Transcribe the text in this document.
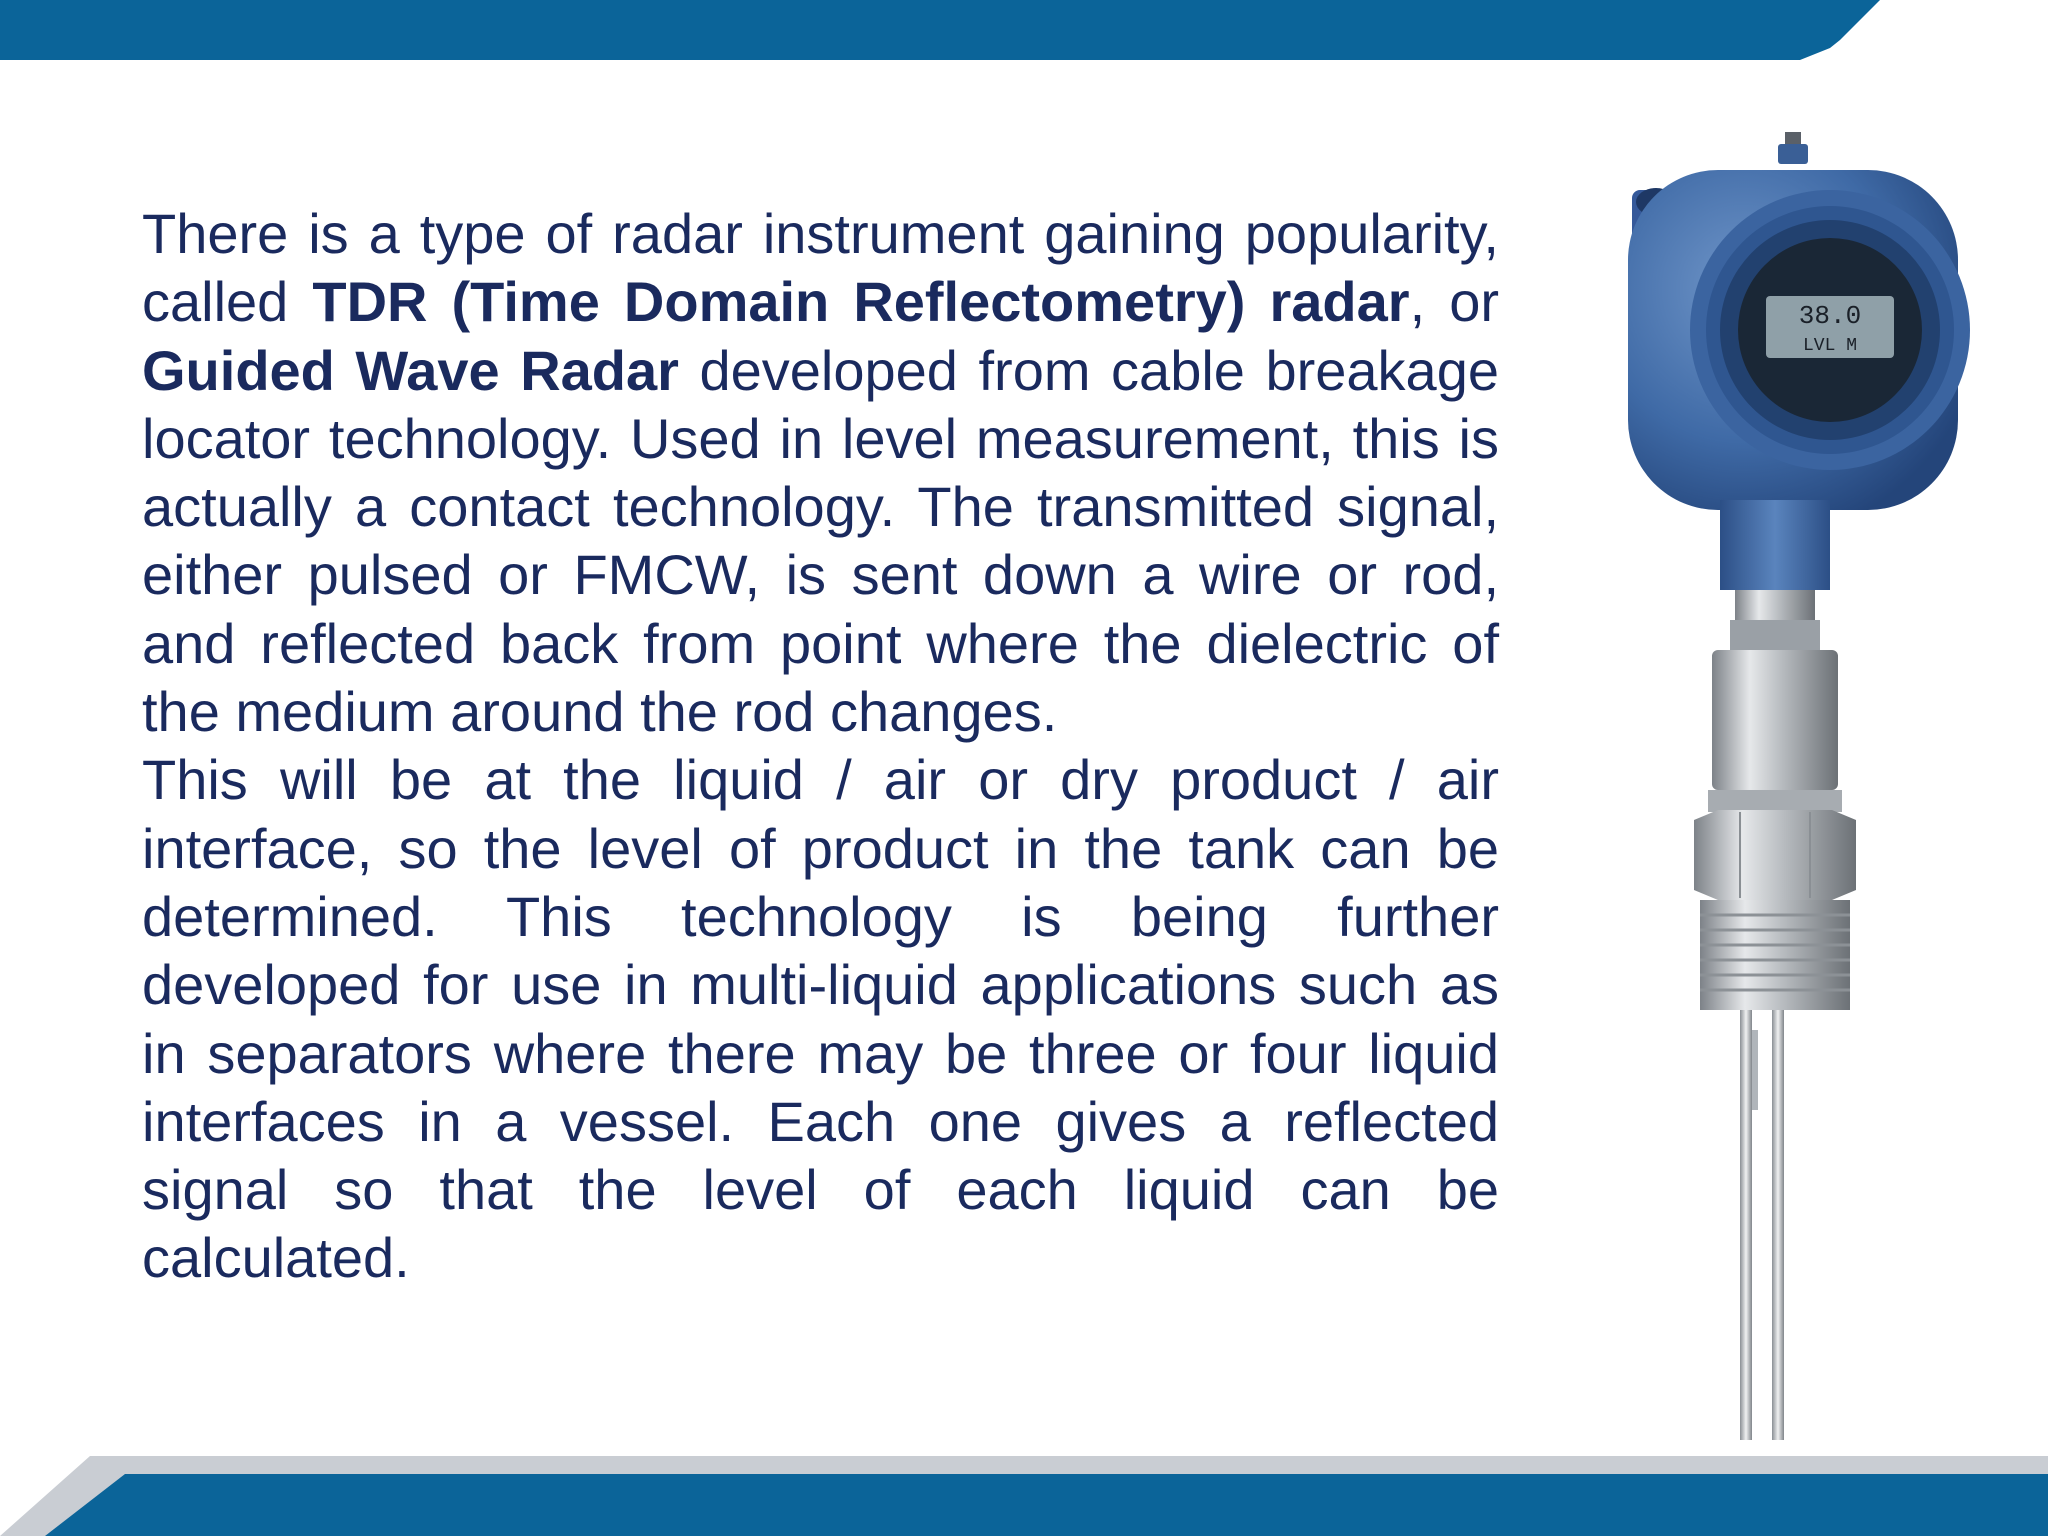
There is a type of radar instrument gaining popularity, called TDR (Time Domain Reflectometry) radar, or Guided Wave Radar developed from cable breakage locator technology. Used in level measurement, this is actually a contact technology. The transmitted signal, either pulsed or FMCW, is sent down a wire or rod, and reflected back from point where the dielectric of the medium around the rod changes.

This will be at the liquid / air or dry product / air interface, so the level of product in the tank can be determined. This technology is being further developed for use in multi-liquid applications such as in separators where there may be three or four liquid interfaces in a vessel. Each one gives a reflected signal so that the level of each liquid can be calculated.

38.0
LVL M
